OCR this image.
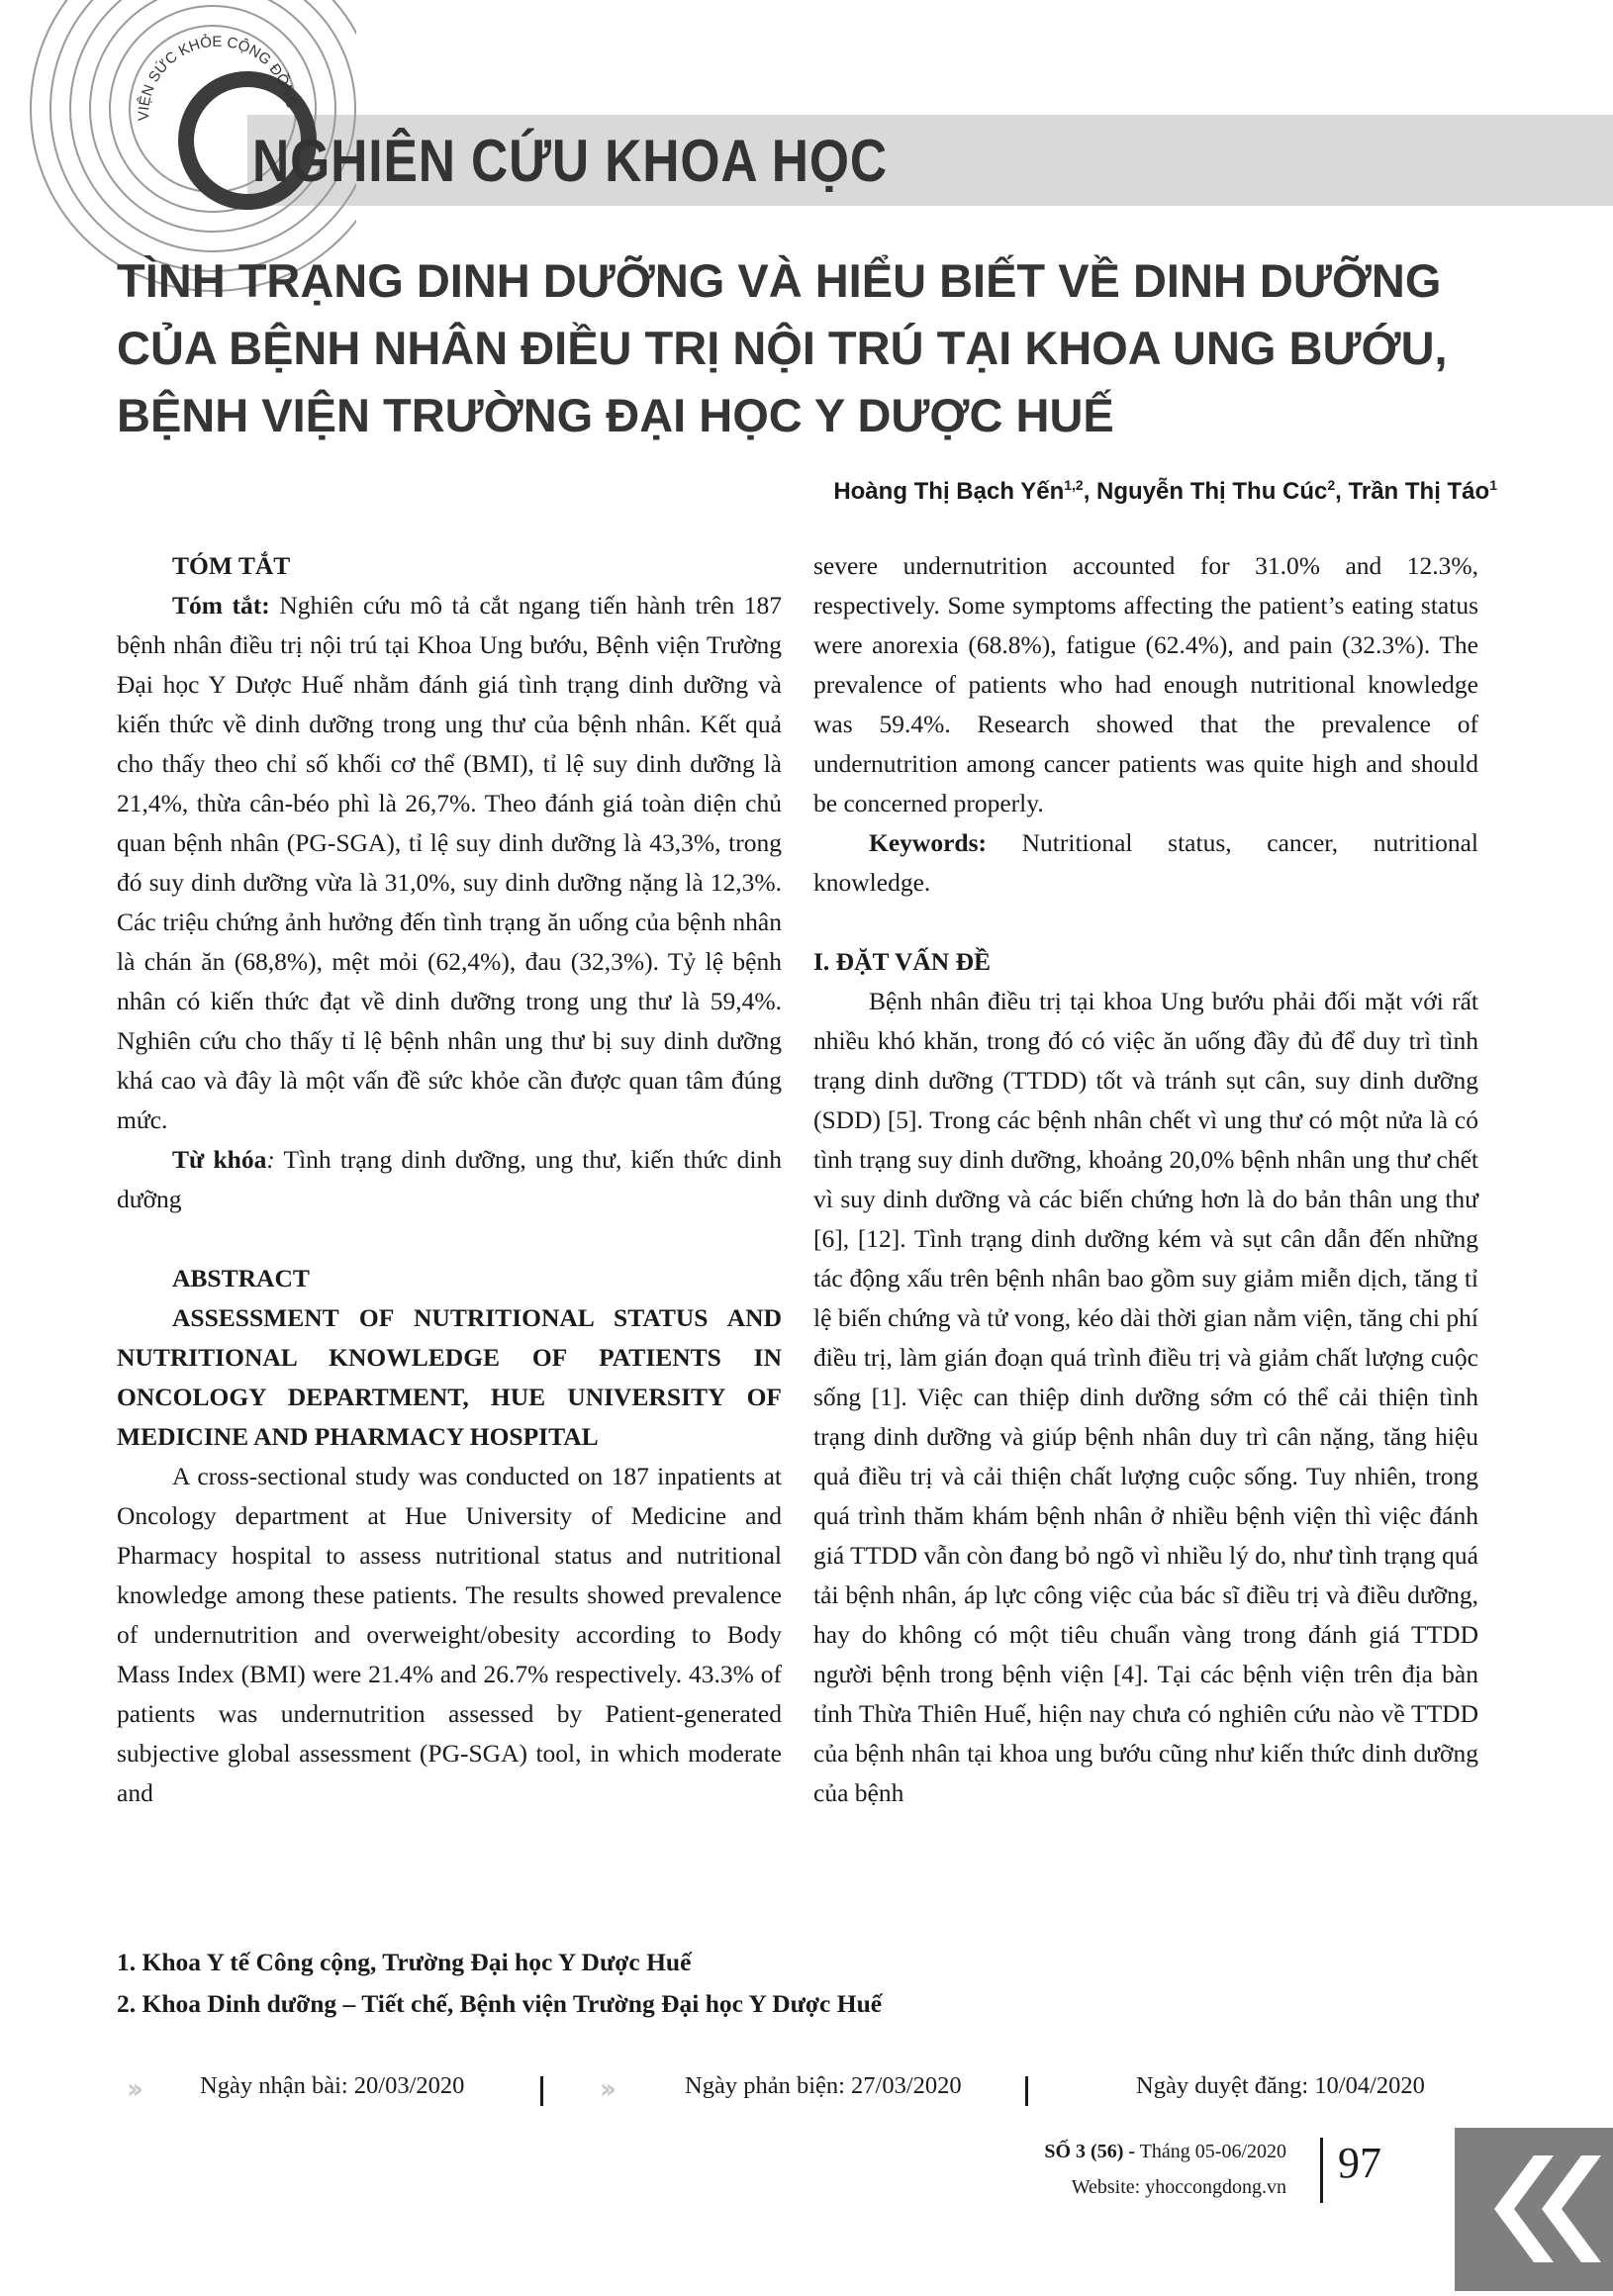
VIỆN SỨC KHỎE CỘNG ĐỒNG
NGHIÊN CỨU KHOA HỌC
TÌNH TRẠNG DINH DƯỠNG VÀ HIỂU BIẾT VỀ DINH DƯỠNG
CỦA BỆNH NHÂN ĐIỀU TRỊ NỘI TRÚ TẠI KHOA UNG BƯỚU,
BỆNH VIỆN TRƯỜNG ĐẠI HỌC Y DƯỢC HUẾ
Hoàng Thị Bạch Yến$^{1,2}$, Nguyễn Thị Thu Cúc$^2$, Trần Thị Táo$^1$

TÓM TẮT

Tóm tắt: Nghiên cứu mô tả cắt ngang tiến hành trên 187 bệnh nhân điều trị nội trú tại Khoa Ung bướu, Bệnh viện Trường Đại học Y Dược Huế nhằm đánh giá tình trạng dinh dưỡng và kiến thức về dinh dưỡng trong ung thư của bệnh nhân. Kết quả cho thấy theo chỉ số khối cơ thể (BMI), tỉ lệ suy dinh dưỡng là 21,4%, thừa cân-béo phì là 26,7%. Theo đánh giá toàn diện chủ quan bệnh nhân (PG-SGA), tỉ lệ suy dinh dưỡng là 43,3%, trong đó suy dinh dưỡng vừa là 31,0%, suy dinh dưỡng nặng là 12,3%. Các triệu chứng ảnh hưởng đến tình trạng ăn uống của bệnh nhân là chán ăn (68,8%), mệt mỏi (62,4%), đau (32,3%). Tỷ lệ bệnh nhân có kiến thức đạt về dinh dưỡng trong ung thư là 59,4%. Nghiên cứu cho thấy tỉ lệ bệnh nhân ung thư bị suy dinh dưỡng khá cao và đây là một vấn đề sức khỏe cần được quan tâm đúng mức.

Từ khóa: Tình trạng dinh dưỡng, ung thư, kiến thức dinh dưỡng

ABSTRACT

ASSESSMENT OF NUTRITIONAL STATUS AND NUTRITIONAL KNOWLEDGE OF PATIENTS IN ONCOLOGY DEPARTMENT, HUE UNIVERSITY OF MEDICINE AND PHARMACY HOSPITAL

A cross-sectional study was conducted on 187 inpatients at Oncology department at Hue University of Medicine and Pharmacy hospital to assess nutritional status and nutritional knowledge among these patients. The results showed prevalence of undernutrition and overweight/obesity according to Body Mass Index (BMI) were 21.4% and 26.7% respectively. 43.3% of patients was undernutrition assessed by Patient-generated subjective global assessment (PG-SGA) tool, in which moderate and

severe undernutrition accounted for 31.0% and 12.3%, respectively. Some symptoms affecting the patient’s eating status were anorexia (68.8%), fatigue (62.4%), and pain (32.3%). The prevalence of patients who had enough nutritional knowledge was 59.4%. Research showed that the prevalence of undernutrition among cancer patients was quite high and should be concerned properly.

Keywords: Nutritional status, cancer, nutritional knowledge.

I. ĐẶT VẤN ĐỀ

Bệnh nhân điều trị tại khoa Ung bướu phải đối mặt với rất nhiều khó khăn, trong đó có việc ăn uống đầy đủ để duy trì tình trạng dinh dưỡng (TTDD) tốt và tránh sụt cân, suy dinh dưỡng (SDD) [5]. Trong các bệnh nhân chết vì ung thư có một nửa là có tình trạng suy dinh dưỡng, khoảng 20,0% bệnh nhân ung thư chết vì suy dinh dưỡng và các biến chứng hơn là do bản thân ung thư [6], [12]. Tình trạng dinh dưỡng kém và sụt cân dẫn đến những tác động xấu trên bệnh nhân bao gồm suy giảm miễn dịch, tăng tỉ lệ biến chứng và tử vong, kéo dài thời gian nằm viện, tăng chi phí điều trị, làm gián đoạn quá trình điều trị và giảm chất lượng cuộc sống [1]. Việc can thiệp dinh dưỡng sớm có thể cải thiện tình trạng dinh dưỡng và giúp bệnh nhân duy trì cân nặng, tăng hiệu quả điều trị và cải thiện chất lượng cuộc sống. Tuy nhiên, trong quá trình thăm khám bệnh nhân ở nhiều bệnh viện thì việc đánh giá TTDD vẫn còn đang bỏ ngõ vì nhiều lý do, như tình trạng quá tải bệnh nhân, áp lực công việc của bác sĩ điều trị và điều dưỡng, hay do không có một tiêu chuẩn vàng trong đánh giá TTDD người bệnh trong bệnh viện [4]. Tại các bệnh viện trên địa bàn tỉnh Thừa Thiên Huế, hiện nay chưa có nghiên cứu nào về TTDD của bệnh nhân tại khoa ung bướu cũng như kiến thức dinh dưỡng của bệnh

1. Khoa Y tế Công cộng, Trường Đại học Y Dược Huế
2. Khoa Dinh dưỡng – Tiết chế, Bệnh viện Trường Đại học Y Dược Huế
››	Ngày nhận bài: 20/03/2020	››	Ngày phản biện: 27/03/2020	Ngày duyệt đăng: 10/04/2020
SỐ 3 (56) - Tháng 05-06/2020
Website: yhoccongdong.vn 97
